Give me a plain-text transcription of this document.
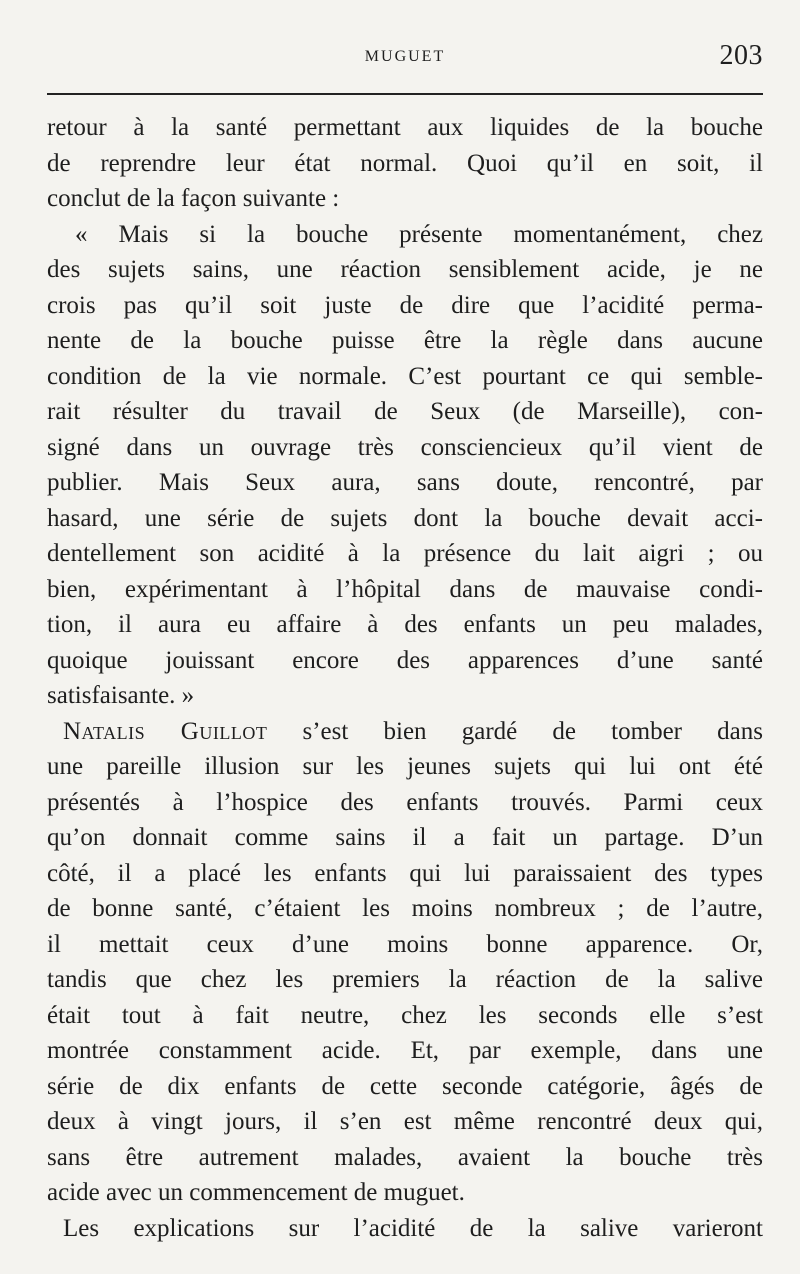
MUGUET	203
retour à la santé permettant aux liquides de la bouche
de reprendre leur état normal. Quoi qu’il en soit, il
conclut de la façon suivante :
« Mais si la bouche présente momentanément, chez
des sujets sains, une réaction sensiblement acide, je ne
crois pas qu’il soit juste de dire que l’acidité perma-
nente de la bouche puisse être la règle dans aucune
condition de la vie normale. C’est pourtant ce qui semble-
rait résulter du travail de Seux (de Marseille), con-
signé dans un ouvrage très consciencieux qu’il vient de
publier. Mais Seux aura, sans doute, rencontré, par
hasard, une série de sujets dont la bouche devait acci-
dentellement son acidité à la présence du lait aigri ; ou
bien, expérimentant à l’hôpital dans de mauvaise condi-
tion, il aura eu affaire à des enfants un peu malades,
quoique jouissant encore des apparences d’une santé
satisfaisante. »
Natalis Guillot s’est bien gardé de tomber dans
une pareille illusion sur les jeunes sujets qui lui ont été
présentés à l’hospice des enfants trouvés. Parmi ceux
qu’on donnait comme sains il a fait un partage. D’un
côté, il a placé les enfants qui lui paraissaient des types
de bonne santé, c’étaient les moins nombreux ; de l’autre,
il mettait ceux d’une moins bonne apparence. Or,
tandis que chez les premiers la réaction de la salive
était tout à fait neutre, chez les seconds elle s’est
montrée constamment acide. Et, par exemple, dans une
série de dix enfants de cette seconde catégorie, âgés de
deux à vingt jours, il s’en est même rencontré deux qui,
sans être autrement malades, avaient la bouche très
acide avec un commencement de muguet.
Les explications sur l’acidité de la salive varieront
